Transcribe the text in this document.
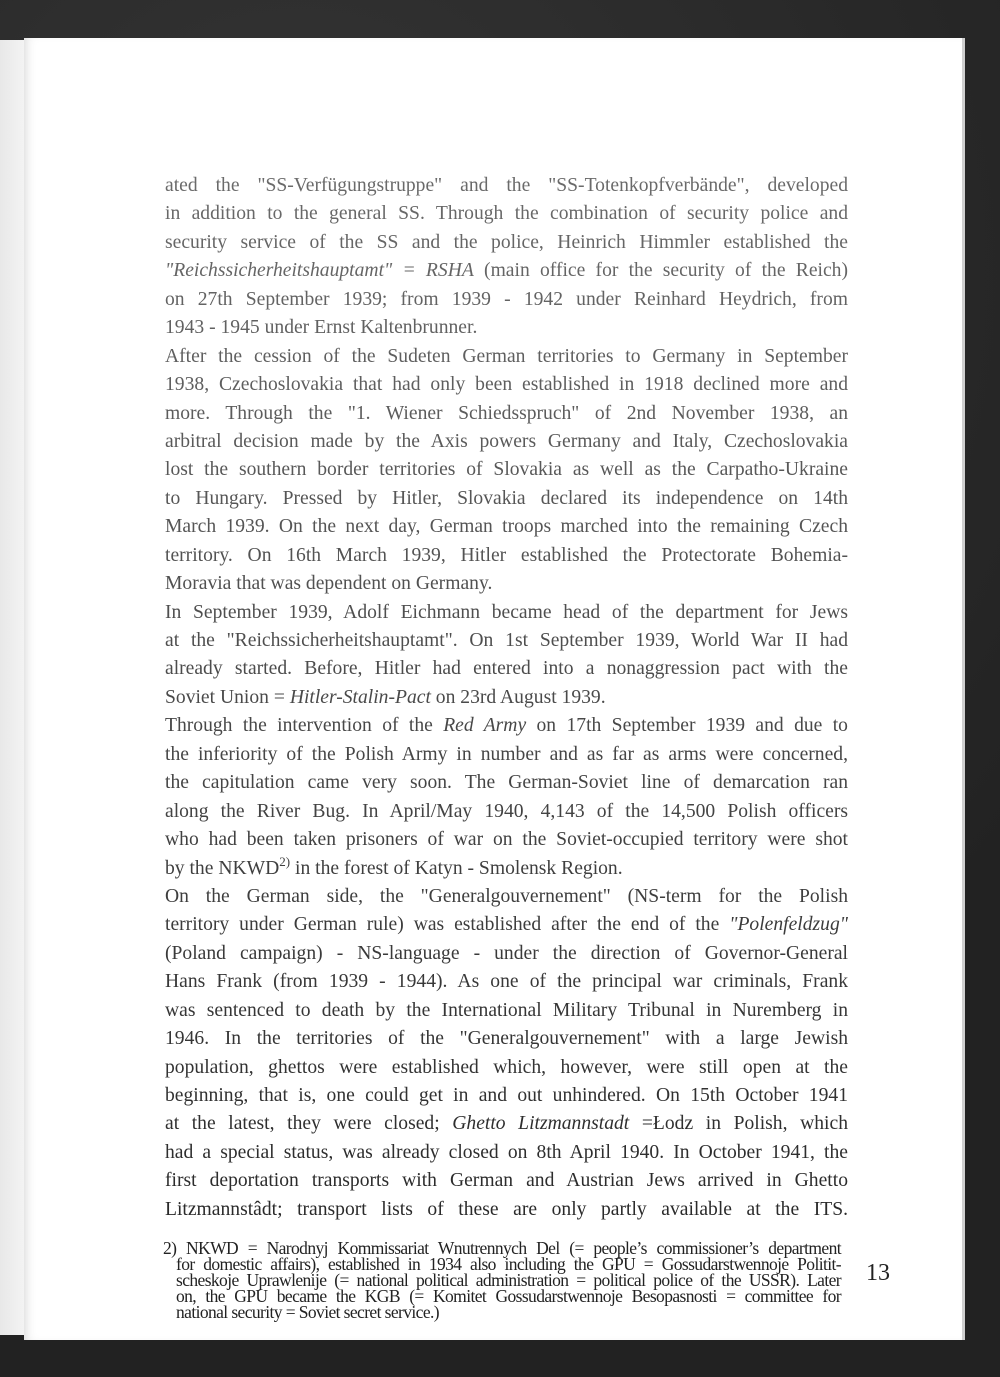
ated the "SS-Verfügungstruppe" and the "SS-Totenkopfverbände", developed
in addition to the general SS. Through the combination of security police and
security service of the SS and the police, Heinrich Himmler established the
"Reichssicherheitshauptamt" = RSHA (main office for the security of the Reich)
on 27th September 1939; from 1939 - 1942 under Reinhard Heydrich, from
1943 - 1945 under Ernst Kaltenbrunner.
After the cession of the Sudeten German territories to Germany in September
1938, Czechoslovakia that had only been established in 1918 declined more and
more. Through the "1. Wiener Schiedsspruch" of 2nd November 1938, an
arbitral decision made by the Axis powers Germany and Italy, Czechoslovakia
lost the southern border territories of Slovakia as well as the Carpatho-Ukraine
to Hungary. Pressed by Hitler, Slovakia declared its independence on 14th
March 1939. On the next day, German troops marched into the remaining Czech
territory. On 16th March 1939, Hitler established the Protectorate Bohemia-
Moravia that was dependent on Germany.
In September 1939, Adolf Eichmann became head of the department for Jews
at the "Reichssicherheitshauptamt". On 1st September 1939, World War II had
already started. Before, Hitler had entered into a nonaggression pact with the
Soviet Union = Hitler-Stalin-Pact on 23rd August 1939.
Through the intervention of the Red Army on 17th September 1939 and due to
the inferiority of the Polish Army in number and as far as arms were concerned,
the capitulation came very soon. The German-Soviet line of demarcation ran
along the River Bug. In April/May 1940, 4,143 of the 14,500 Polish officers
who had been taken prisoners of war on the Soviet-occupied territory were shot
by the NKWD$^{2)}$ in the forest of Katyn - Smolensk Region.
On the German side, the "Generalgouvernement" (NS-term for the Polish
territory under German rule) was established after the end of the "Polenfeldzug"
(Poland campaign) - NS-language - under the direction of Governor-General
Hans Frank (from 1939 - 1944). As one of the principal war criminals, Frank
was sentenced to death by the International Military Tribunal in Nuremberg in
1946. In the territories of the "Generalgouvernement" with a large Jewish
population, ghettos were established which, however, were still open at the
beginning, that is, one could get in and out unhindered. On 15th October 1941
at the latest, they were closed; Ghetto Litzmannstadt =Łodz in Polish, which
had a special status, was already closed on 8th April 1940. In October 1941, the
first deportation transports with German and Austrian Jews arrived in Ghetto
Litzmannstâdt; transport lists of these are only partly available at the ITS.
2) NKWD = Narodnyj Kommissariat Wnutrennych Del (= people’s commissioner’s department
for domestic affairs), established in 1934 also including the GPU = Gossudarstwennoje Politit-
scheskoje Uprawlenije (= national political administration = political police of the USSR). Later
on, the GPU became the KGB (= Komitet Gossudarstwennoje Besopasnosti = committee for
national security = Soviet secret service.)
13
